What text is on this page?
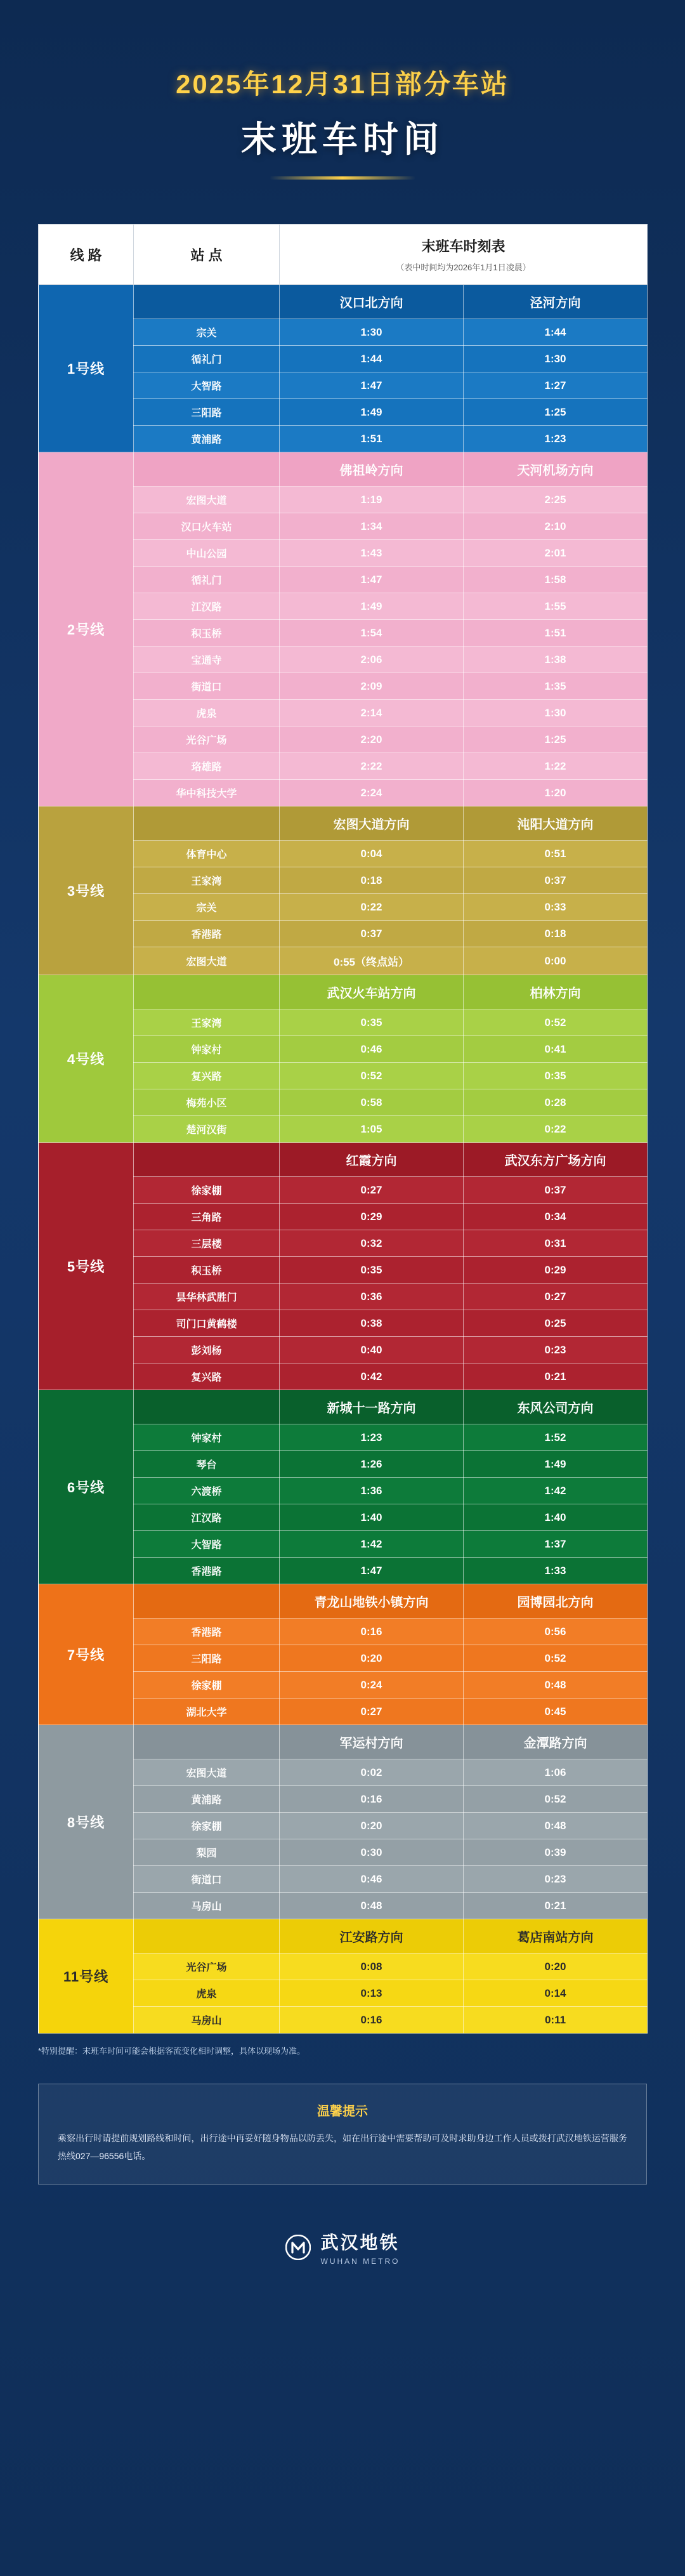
2025年12月31日部分车站
末班车时间
线 路	站 点	末班车时刻表
（表中时间均为2026年1月1日凌晨）	

1号线		汉口北方向	泾河方向
	宗关	1:30	1:44
	循礼门	1:44	1:30
	大智路	1:47	1:27
	三阳路	1:49	1:25
	黄浦路	1:51	1:23
2号线		佛祖岭方向	天河机场方向
	宏图大道	1:19	2:25
	汉口火车站	1:34	2:10
	中山公园	1:43	2:01
	循礼门	1:47	1:58
	江汉路	1:49	1:55
	积玉桥	1:54	1:51
	宝通寺	2:06	1:38
	街道口	2:09	1:35
	虎泉	2:14	1:30
	光谷广场	2:20	1:25
	珞雄路	2:22	1:22
	华中科技大学	2:24	1:20
3号线		宏图大道方向	沌阳大道方向
	体育中心	0:04	0:51
	王家湾	0:18	0:37
	宗关	0:22	0:33
	香港路	0:37	0:18
	宏图大道	0:55（终点站）	0:00
4号线		武汉火车站方向	柏林方向
	王家湾	0:35	0:52
	钟家村	0:46	0:41
	复兴路	0:52	0:35
	梅苑小区	0:58	0:28
	楚河汉街	1:05	0:22
5号线		红霞方向	武汉东方广场方向
	徐家棚	0:27	0:37
	三角路	0:29	0:34
	三层楼	0:32	0:31
	积玉桥	0:35	0:29
	昙华林武胜门	0:36	0:27
	司门口黄鹤楼	0:38	0:25
	彭刘杨	0:40	0:23
	复兴路	0:42	0:21
6号线		新城十一路方向	东风公司方向
	钟家村	1:23	1:52
	琴台	1:26	1:49
	六渡桥	1:36	1:42
	江汉路	1:40	1:40
	大智路	1:42	1:37
	香港路	1:47	1:33
7号线		青龙山地铁小镇方向	园博园北方向
	香港路	0:16	0:56
	三阳路	0:20	0:52
	徐家棚	0:24	0:48
	湖北大学	0:27	0:45
8号线		军运村方向	金潭路方向
	宏图大道	0:02	1:06
	黄浦路	0:16	0:52
	徐家棚	0:20	0:48
	梨园	0:30	0:39
	街道口	0:46	0:23
	马房山	0:48	0:21
11号线		江安路方向	葛店南站方向
	光谷广场	0:08	0:20
	虎泉	0:13	0:14
	马房山	0:16	0:11
*特别提醒：末班车时间可能会根据客流变化相时调整，具体以现场为准。
温馨提示
乘察出行时请提前规划路线和时间，出行途中再妥好随身物品以防丢失，如在出行途中需要帮助可及时求助身边工作人员或拨打武汉地铁运营服务热线027—96556电话。
武汉地铁
WUHAN METRO
